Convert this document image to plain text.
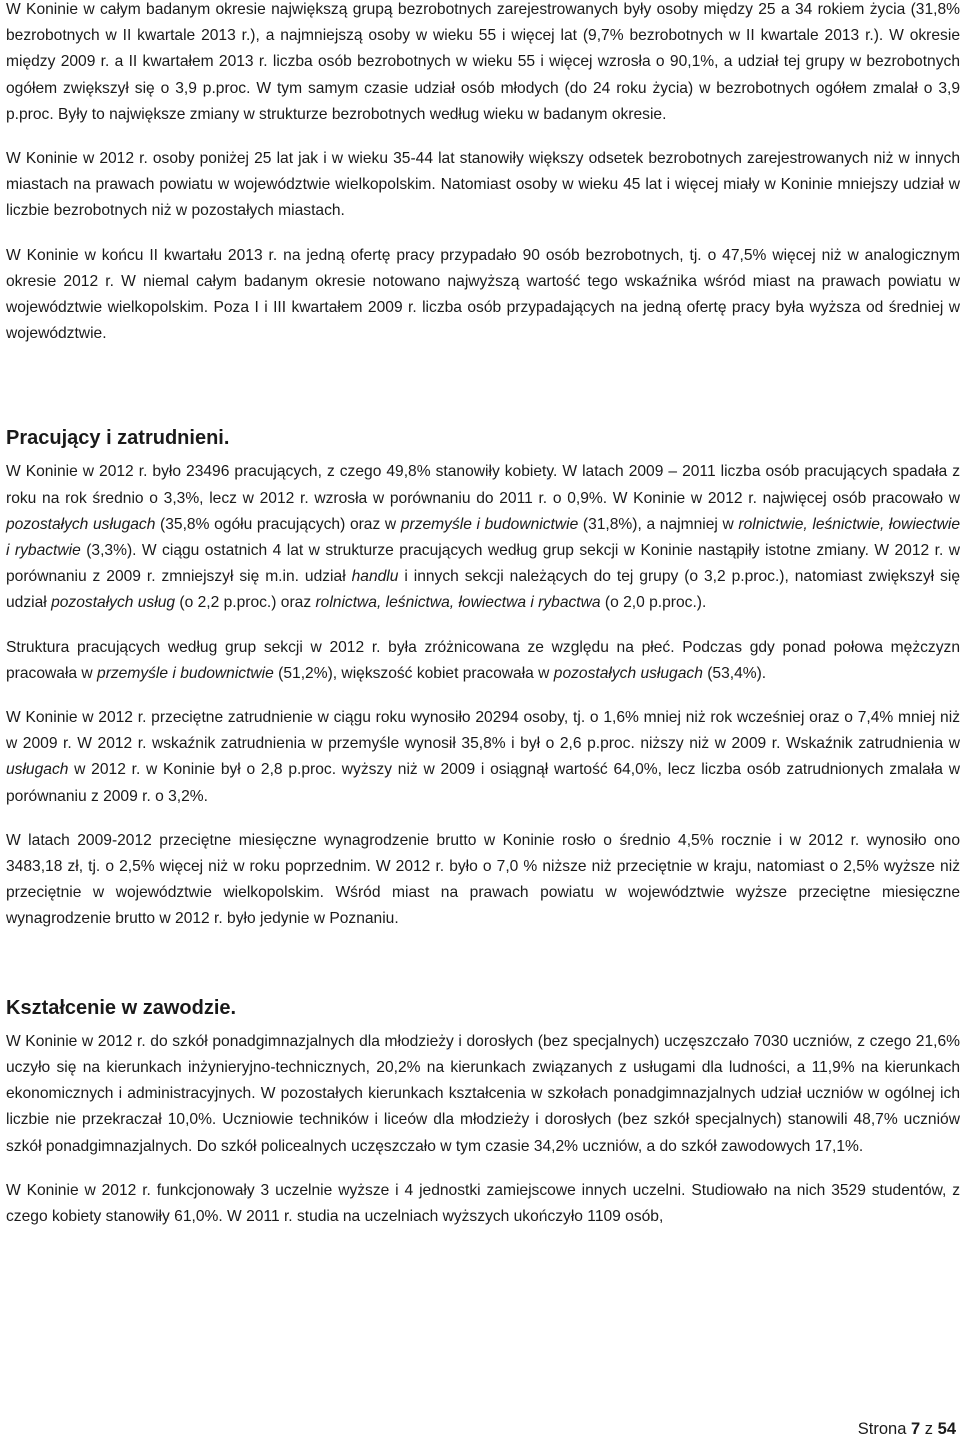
W Koninie w całym badanym okresie największą grupą bezrobotnych zarejestrowanych były osoby między 25 a 34 rokiem życia (31,8% bezrobotnych w II kwartale 2013 r.), a najmniejszą osoby w wieku 55 i więcej lat (9,7% bezrobotnych w II kwartale 2013 r.). W okresie między 2009 r. a II kwartałem 2013 r. liczba osób bezrobotnych w wieku 55 i więcej wzrosła o 90,1%, a udział tej grupy w bezrobotnych ogółem zwiększył się o 3,9 p.proc. W tym samym czasie udział osób młodych (do 24 roku życia) w bezrobotnych ogółem zmalał o 3,9 p.proc. Były to największe zmiany w strukturze bezrobotnych według wieku w badanym okresie.

W Koninie w 2012 r. osoby poniżej 25 lat jak i w wieku 35-44 lat stanowiły większy odsetek bezrobotnych zarejestrowanych niż w innych miastach na prawach powiatu w województwie wielkopolskim. Natomiast osoby w wieku 45 lat i więcej miały w Koninie mniejszy udział w liczbie bezrobotnych niż w pozostałych miastach.

W Koninie w końcu II kwartału 2013 r. na jedną ofertę pracy przypadało 90 osób bezrobotnych, tj. o 47,5% więcej niż w analogicznym okresie 2012 r. W niemal całym badanym okresie notowano najwyższą wartość tego wskaźnika wśród miast na prawach powiatu w województwie wielkopolskim. Poza I i III kwartałem 2009 r. liczba osób przypadających na jedną ofertę pracy była wyższa od średniej w województwie.

Pracujący i zatrudnieni.

W Koninie w 2012 r. było 23496 pracujących, z czego 49,8% stanowiły kobiety. W latach 2009 – 2011 liczba osób pracujących spadała z roku na rok średnio o 3,3%, lecz w 2012 r. wzrosła w porównaniu do 2011 r. o 0,9%. W Koninie w 2012 r. najwięcej osób pracowało w pozostałych usługach (35,8% ogółu pracujących) oraz w przemyśle i budownictwie (31,8%), a najmniej w rolnictwie, leśnictwie, łowiectwie i rybactwie (3,3%). W ciągu ostatnich 4 lat w strukturze pracujących według grup sekcji w Koninie nastąpiły istotne zmiany. W 2012 r. w porównaniu z 2009 r. zmniejszył się m.in. udział handlu i innych sekcji należących do tej grupy (o 3,2 p.proc.), natomiast zwiększył się udział pozostałych usług (o 2,2 p.proc.) oraz rolnictwa, leśnictwa, łowiectwa i rybactwa (o 2,0 p.proc.).

Struktura pracujących według grup sekcji w 2012 r. była zróżnicowana ze względu na płeć. Podczas gdy ponad połowa mężczyzn pracowała w przemyśle i budownictwie (51,2%), większość kobiet pracowała w pozostałych usługach (53,4%).

W Koninie w 2012 r. przeciętne zatrudnienie w ciągu roku wynosiło 20294 osoby, tj. o 1,6% mniej niż rok wcześniej oraz o 7,4% mniej niż w 2009 r. W 2012 r. wskaźnik zatrudnienia w przemyśle wynosił 35,8% i był o 2,6 p.proc. niższy niż w 2009 r. Wskaźnik zatrudnienia w usługach w 2012 r. w Koninie był o 2,8 p.proc. wyższy niż w 2009 i osiągnął wartość 64,0%, lecz liczba osób zatrudnionych zmalała w porównaniu z 2009 r. o 3,2%.

W latach 2009-2012 przeciętne miesięczne wynagrodzenie brutto w Koninie rosło o średnio 4,5% rocznie i w 2012 r. wynosiło ono 3483,18 zł, tj. o 2,5% więcej niż w roku poprzednim. W 2012 r. było o 7,0 % niższe niż przeciętnie w kraju, natomiast o 2,5% wyższe niż przeciętnie w województwie wielkopolskim. Wśród miast na prawach powiatu w województwie wyższe przeciętne miesięczne wynagrodzenie brutto w 2012 r. było jedynie w Poznaniu.

Kształcenie w zawodzie.

W Koninie w 2012 r. do szkół ponadgimnazjalnych dla młodzieży i dorosłych (bez specjalnych) uczęszczało 7030 uczniów, z czego 21,6% uczyło się na kierunkach inżynieryjno-technicznych, 20,2% na kierunkach związanych z usługami dla ludności, a 11,9% na kierunkach ekonomicznych i administracyjnych. W pozostałych kierunkach kształcenia w szkołach ponadgimnazjalnych udział uczniów w ogólnej ich liczbie nie przekraczał 10,0%. Uczniowie techników i liceów dla młodzieży i dorosłych (bez szkół specjalnych) stanowili 48,7% uczniów szkół ponadgimnazjalnych. Do szkół policealnych uczęszczało w tym czasie 34,2% uczniów, a do szkół zawodowych 17,1%.

W Koninie w 2012 r. funkcjonowały 3 uczelnie wyższe i 4 jednostki zamiejscowe innych uczelni. Studiowało na nich 3529 studentów, z czego kobiety stanowiły 61,0%. W 2011 r. studia na uczelniach wyższych ukończyło 1109 osób,

Strona 7 z 54
